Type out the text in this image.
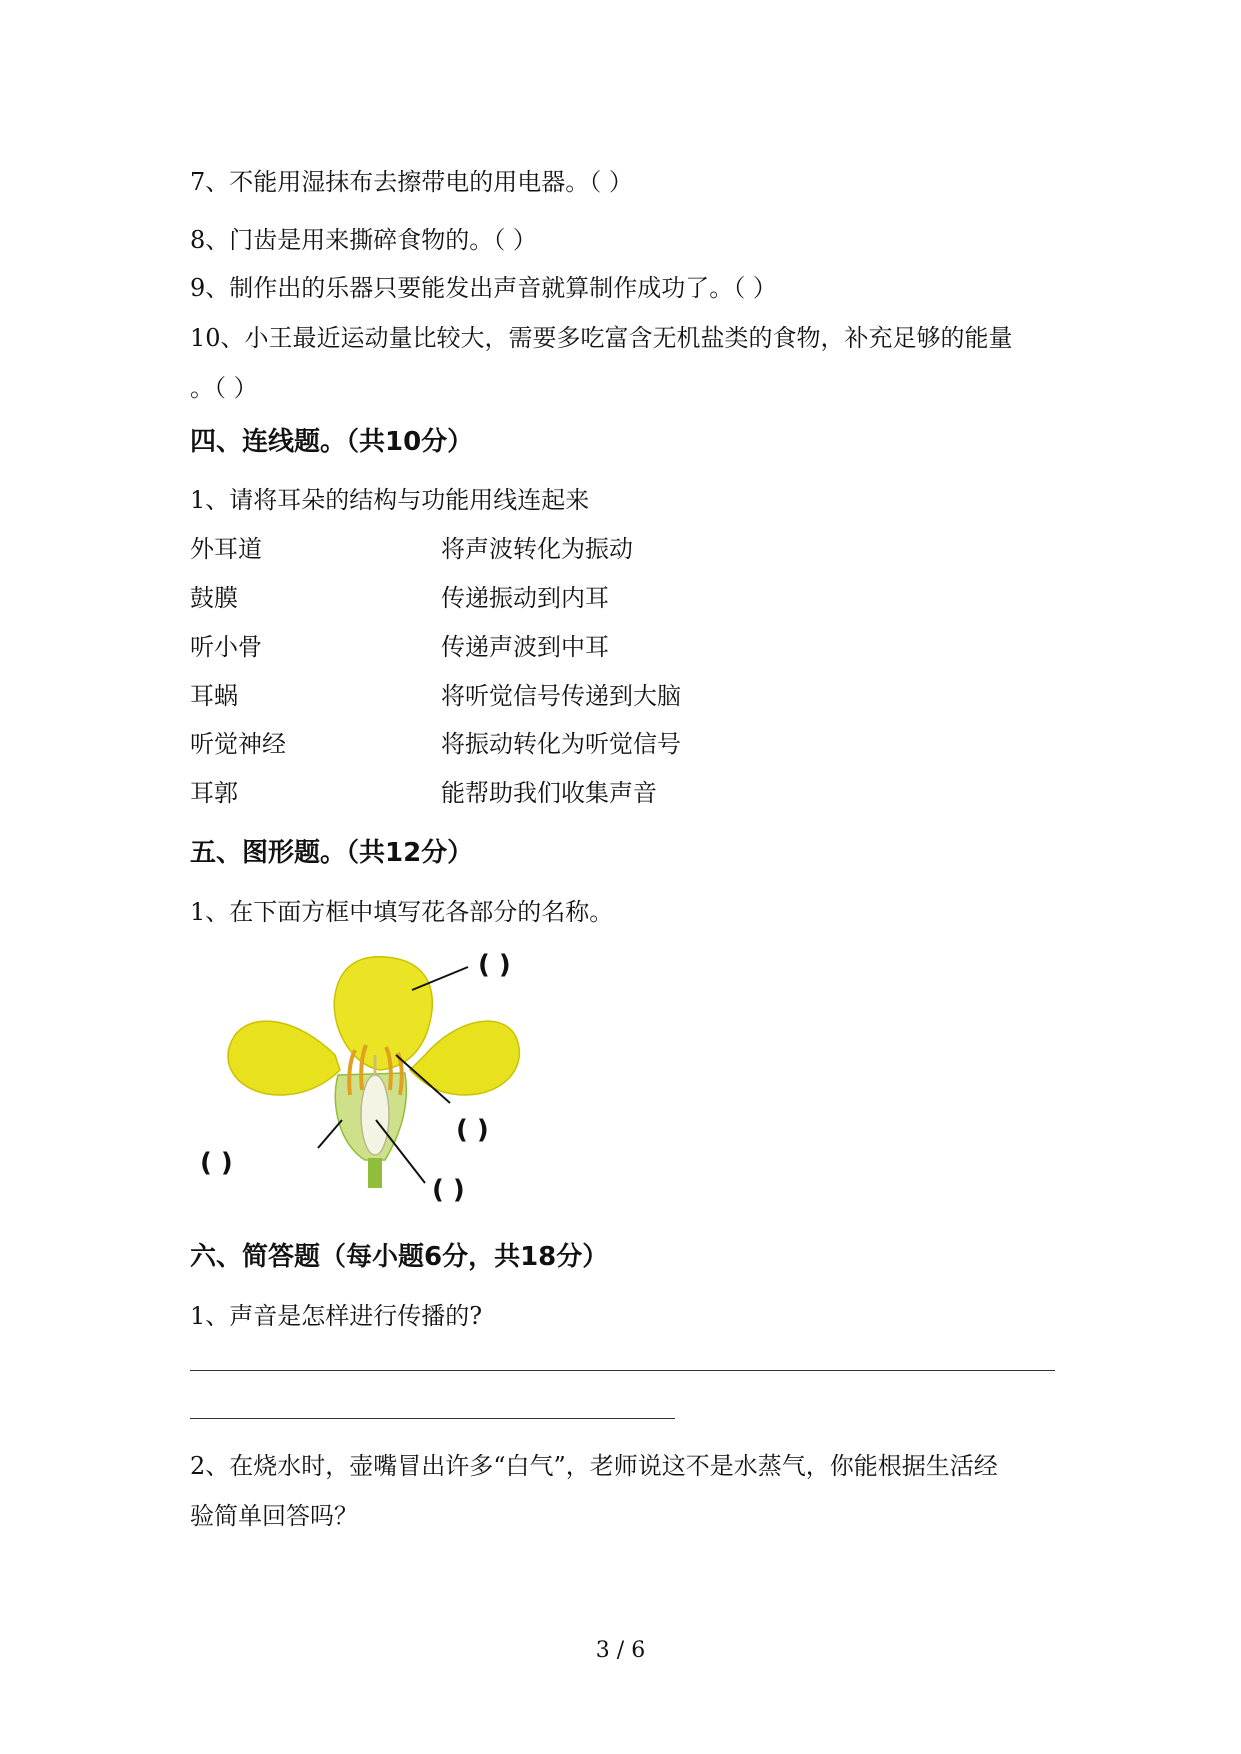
7、不能用湿抹布去擦带电的用电器。（ ）
8、门齿是用来撕碎食物的。（ ）
9、制作出的乐器只要能发出声音就算制作成功了。（ ）
10、小王最近运动量比较大，需要多吃富含无机盐类的食物，补充足够的能量
。（ ）
四、连线题。（共10分）
1、请将耳朵的结构与功能用线连起来
外耳道
鼓膜
听小骨
耳蜗
听觉神经
耳郭
将声波转化为振动
传递振动到内耳
传递声波到中耳
将听觉信号传递到大脑
将振动转化为听觉信号
能帮助我们收集声音
五、图形题。（共12分）
1、在下面方框中填写花各部分的名称。
( )
( )
( )
( )
六、简答题（每小题6分，共18分）
1、声音是怎样进行传播的?
2、在烧水时，壶嘴冒出许多“白气”，老师说这不是水蒸气，你能根据生活经
验简单回答吗？
3 / 6
